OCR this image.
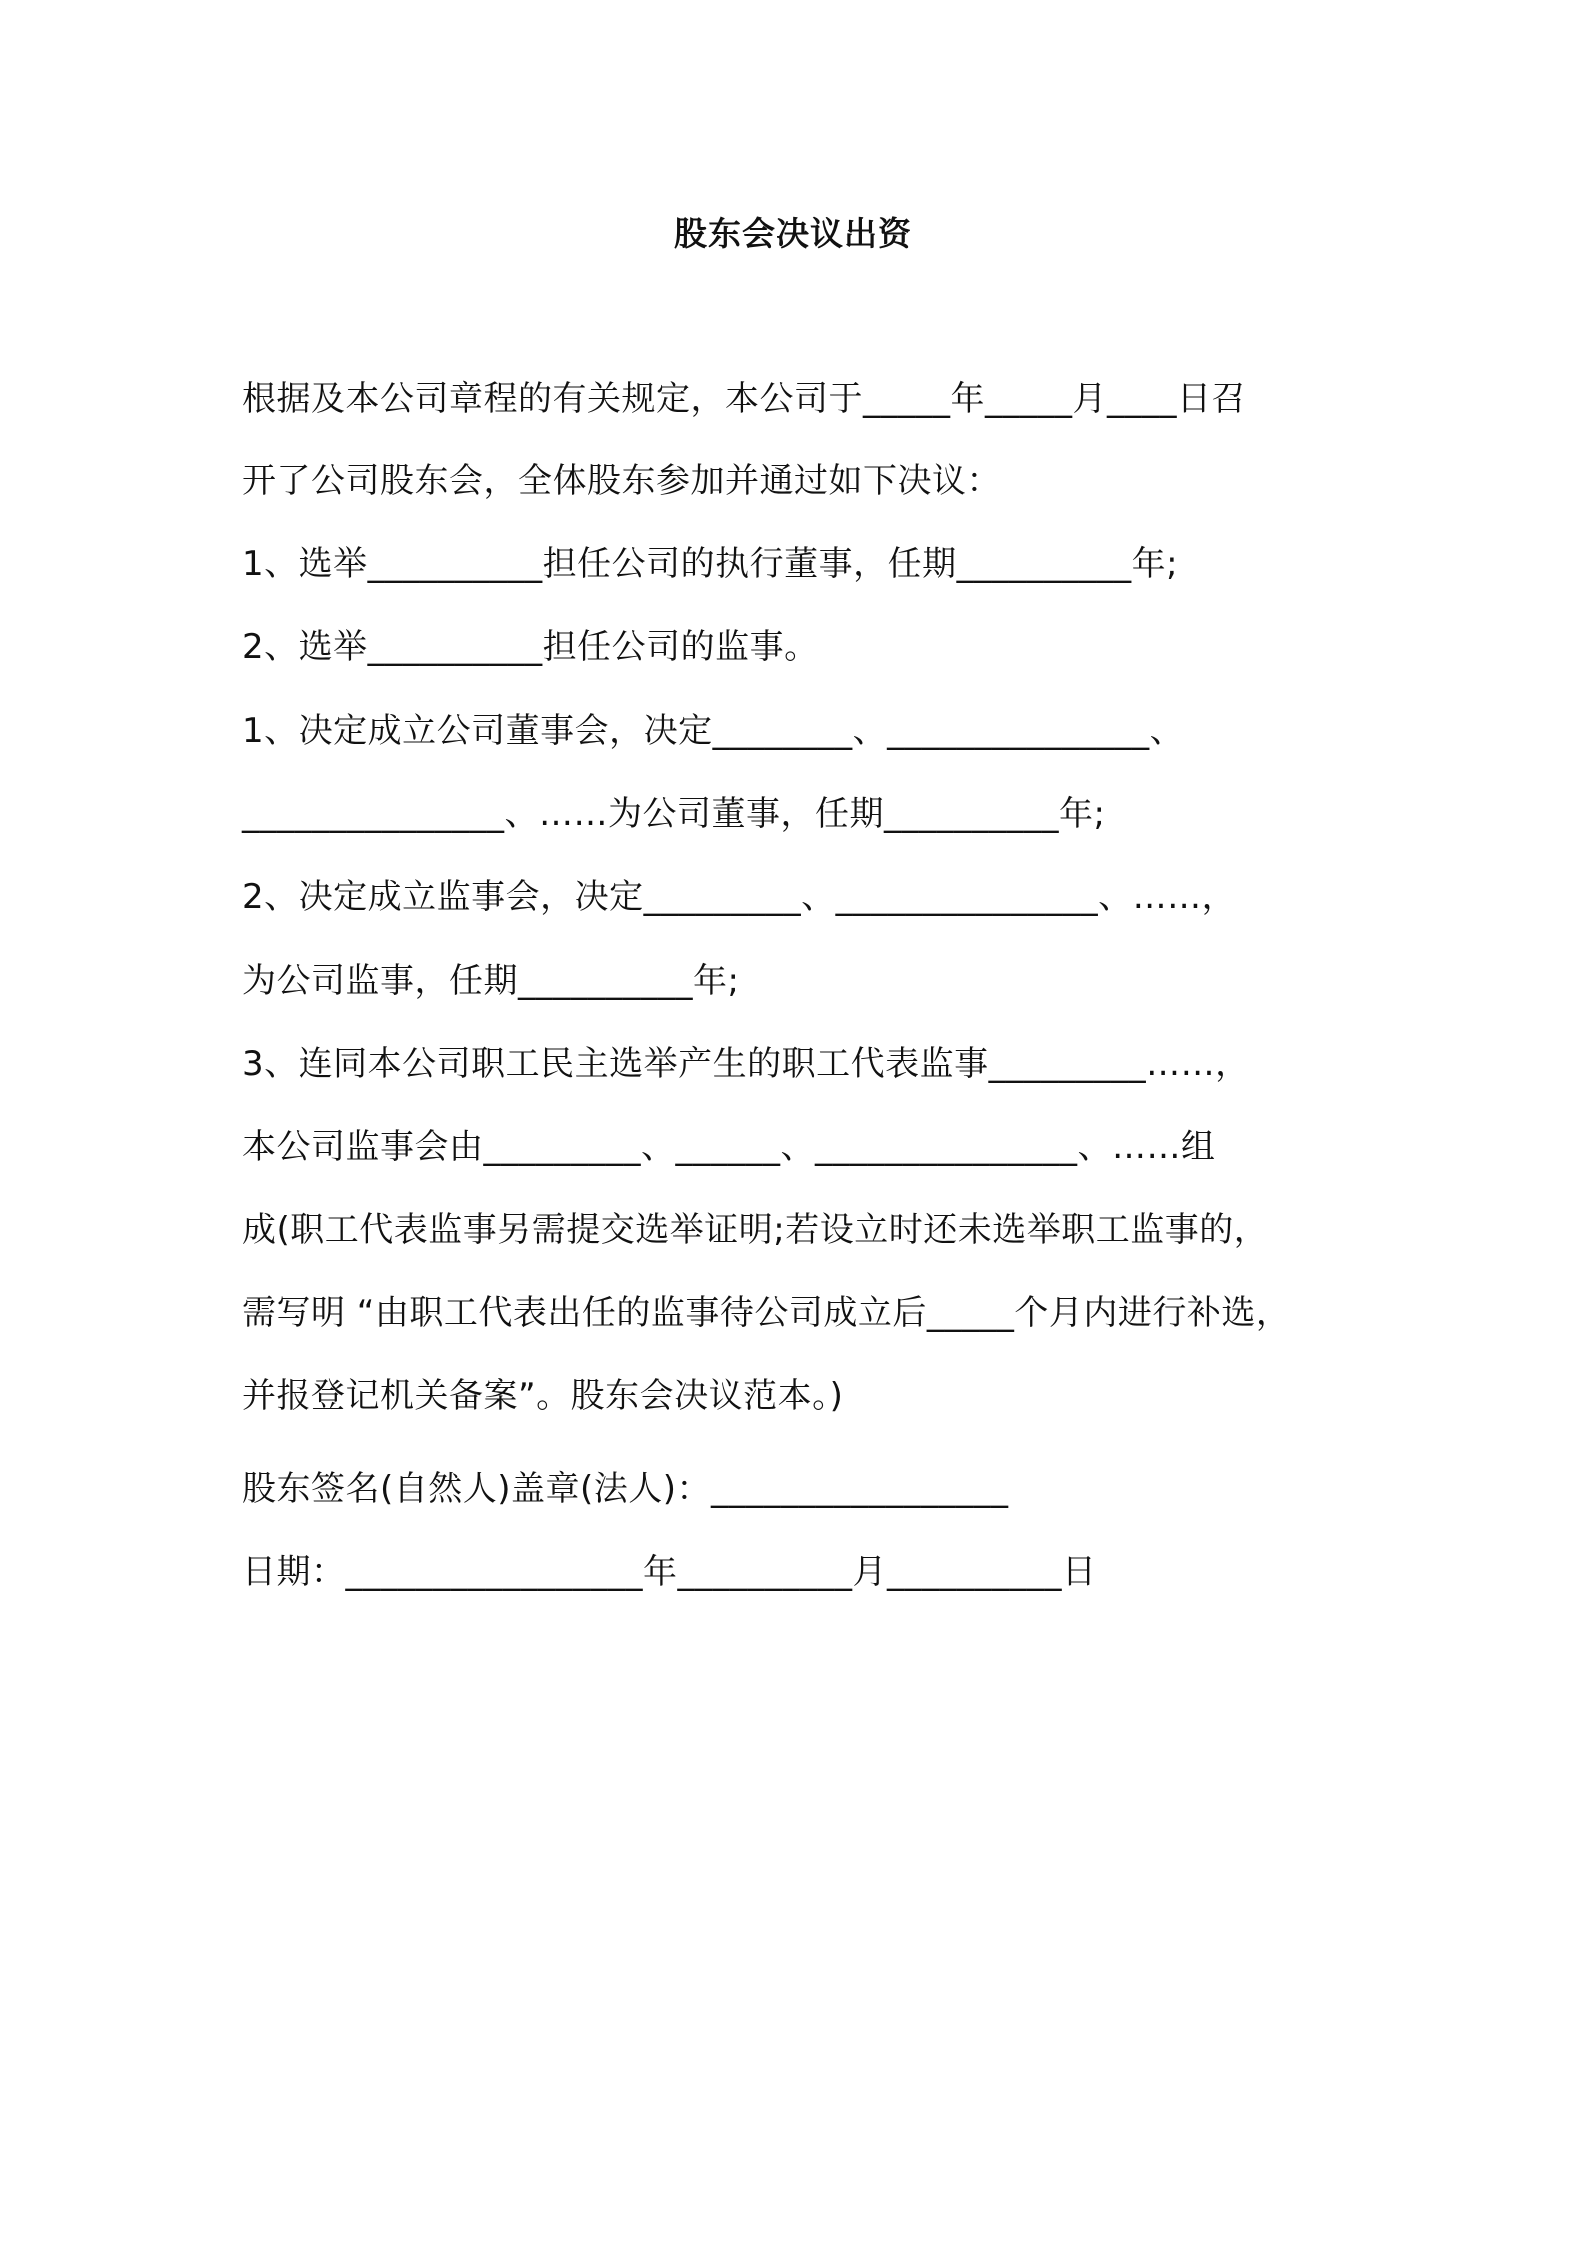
股东会决议出资
根据及本公司章程的有关规定，本公司于_____年_____月____日召
开了公司股东会，全体股东参加并通过如下决议：
1、选举__________担任公司的执行董事，任期__________年;
2、选举__________担任公司的监事。
1、决定成立公司董事会，决定________、_______________、
_______________、……为公司董事，任期__________年;
2、决定成立监事会，决定_________、_______________、……，
为公司监事，任期__________年;
3、连同本公司职工民主选举产生的职工代表监事_________……，
本公司监事会由_________、______、_______________、……组
成(职工代表监事另需提交选举证明;若设立时还未选举职工监事的，
需写明 “由职工代表出任的监事待公司成立后_____个月内进行补选，
并报登记机关备案”。股东会决议范本。)
股东签名(自然人)盖章(法人)：_________________
日期：_________________年__________月__________日
